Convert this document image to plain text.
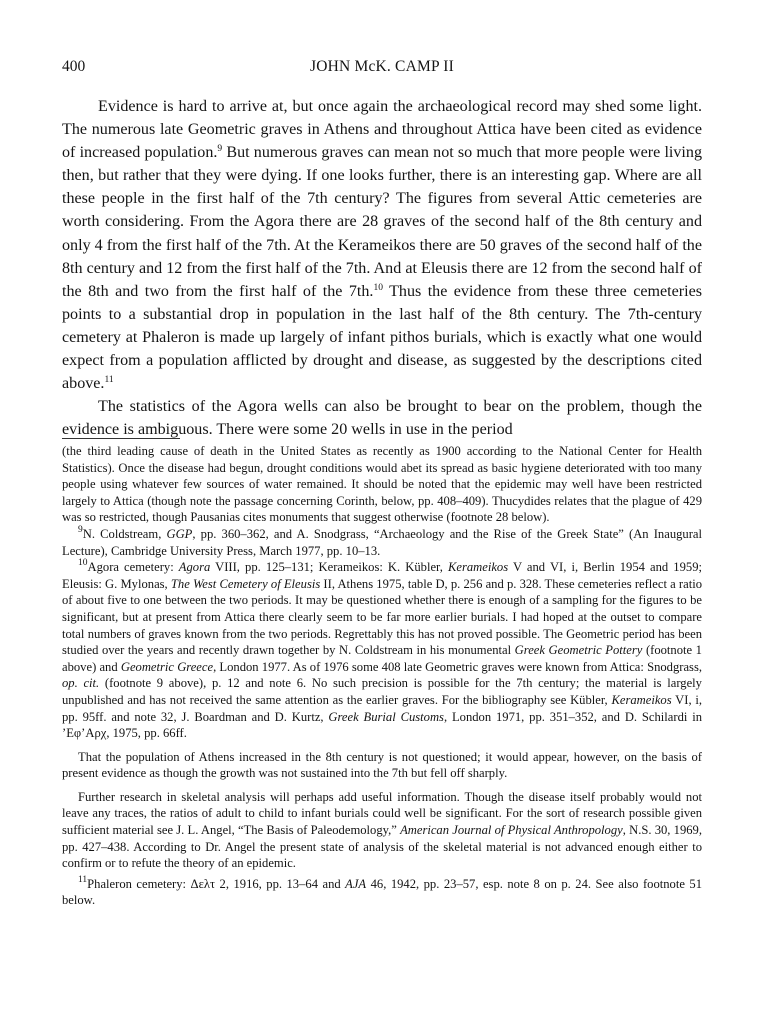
400	JOHN McK. CAMP II

Evidence is hard to arrive at, but once again the archaeological record may shed some light. The numerous late Geometric graves in Athens and throughout Attica have been cited as evidence of increased population.$^9$ But numerous graves can mean not so much that more people were living then, but rather that they were dying. If one looks further, there is an interesting gap. Where are all these people in the first half of the 7th century? The figures from several Attic cemeteries are worth considering. From the Agora there are 28 graves of the second half of the 8th century and only 4 from the first half of the 7th. At the Kerameikos there are 50 graves of the second half of the 8th century and 12 from the first half of the 7th. And at Eleusis there are 12 from the second half of the 8th and two from the first half of the 7th.$^{10}$ Thus the evidence from these three cemeteries points to a substantial drop in population in the last half of the 8th century. The 7th-century cemetery at Phaleron is made up largely of infant pithos burials, which is exactly what one would expect from a population afflicted by drought and disease, as suggested by the descriptions cited above.$^{11}$

The statistics of the Agora wells can also be brought to bear on the problem, though the evidence is ambiguous. There were some 20 wells in use in the period

(the third leading cause of death in the United States as recently as 1900 according to the National Center for Health Statistics). Once the disease had begun, drought conditions would abet its spread as basic hygiene deteriorated with too many people using whatever few sources of water remained. It should be noted that the epidemic may well have been restricted largely to Attica (though note the passage concerning Corinth, below, pp. 408–409). Thucydides relates that the plague of 429 was so restricted, though Pausanias cites monuments that suggest otherwise (footnote 28 below).

$^9$N. Coldstream, GGP, pp. 360–362, and A. Snodgrass, “Archaeology and the Rise of the Greek State” (An Inaugural Lecture), Cambridge University Press, March 1977, pp. 10–13.

$^{10}$Agora cemetery: Agora VIII, pp. 125–131; Kerameikos: K. Kübler, Kerameikos V and VI, i, Berlin 1954 and 1959; Eleusis: G. Mylonas, The West Cemetery of Eleusis II, Athens 1975, table D, p. 256 and p. 328. These cemeteries reflect a ratio of about five to one between the two periods. It may be questioned whether there is enough of a sampling for the figures to be significant, but at present from Attica there clearly seem to be far more earlier burials. I had hoped at the outset to compare total numbers of graves known from the two periods. Regrettably this has not proved possible. The Geometric period has been studied over the years and recently drawn together by N. Coldstream in his monumental Greek Geometric Pottery (footnote 1 above) and Geometric Greece, London 1977. As of 1976 some 408 late Geometric graves were known from Attica: Snodgrass, op. cit. (footnote 9 above), p. 12 and note 6. No such precision is possible for the 7th century; the material is largely unpublished and has not received the same attention as the earlier graves. For the bibliography see Kübler, Kerameikos VI, i, pp. 95ff. and note 32, J. Boardman and D. Kurtz, Greek Burial Customs, London 1971, pp. 351–352, and D. Schilardi in ’Εφ’Αρχ, 1975, pp. 66ff.

That the population of Athens increased in the 8th century is not questioned; it would appear, however, on the basis of present evidence as though the growth was not sustained into the 7th but fell off sharply.

Further research in skeletal analysis will perhaps add useful information. Though the disease itself probably would not leave any traces, the ratios of adult to child to infant burials could well be significant. For the sort of research possible given sufficient material see J. L. Angel, “The Basis of Paleodemology,” American Journal of Physical Anthropology, N.S. 30, 1969, pp. 427–438. According to Dr. Angel the present state of analysis of the skeletal material is not advanced enough either to confirm or to refute the theory of an epidemic.

$^{11}$Phaleron cemetery: Δελτ 2, 1916, pp. 13–64 and AJA 46, 1942, pp. 23–57, esp. note 8 on p. 24. See also footnote 51 below.
